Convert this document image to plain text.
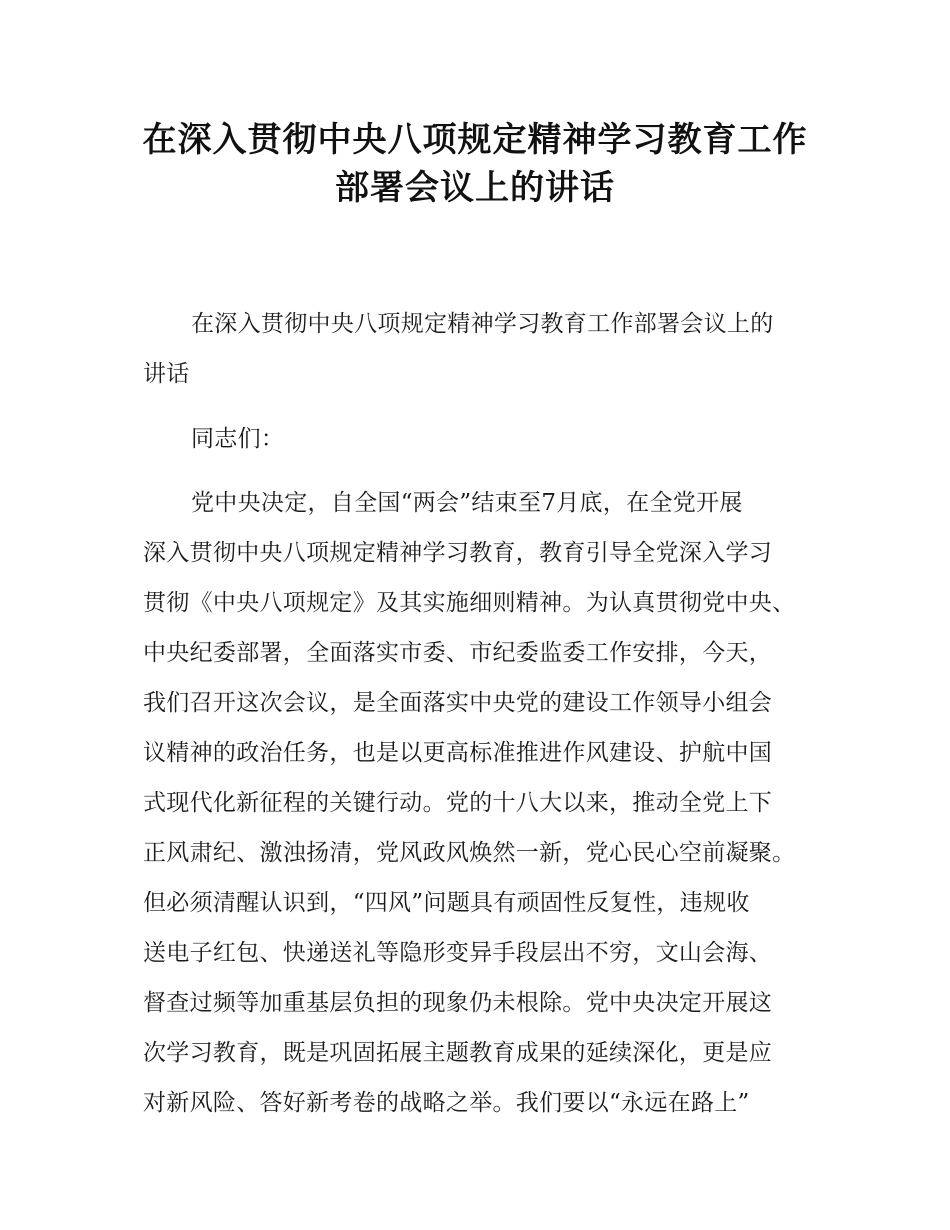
在深入贯彻中央八项规定精神学习教育工作
部署会议上的讲话
在深入贯彻中央八项规定精神学习教育工作部署会议上的
讲话
同志们：
党中央决定，自全国“两会”结束至7月底，在全党开展
深入贯彻中央八项规定精神学习教育，教育引导全党深入学习
贯彻《中央八项规定》及其实施细则精神。为认真贯彻党中央、
中央纪委部署，全面落实市委、市纪委监委工作安排，今天，
我们召开这次会议，是全面落实中央党的建设工作领导小组会
议精神的政治任务，也是以更高标准推进作风建设、护航中国
式现代化新征程的关键行动。党的十八大以来，推动全党上下
正风肃纪、激浊扬清，党风政风焕然一新，党心民心空前凝聚。
但必须清醒认识到，“四风”问题具有顽固性反复性，违规收
送电子红包、快递送礼等隐形变异手段层出不穷，文山会海、
督查过频等加重基层负担的现象仍未根除。党中央决定开展这
次学习教育，既是巩固拓展主题教育成果的延续深化，更是应
对新风险、答好新考卷的战略之举。我们要以“永远在路上”
